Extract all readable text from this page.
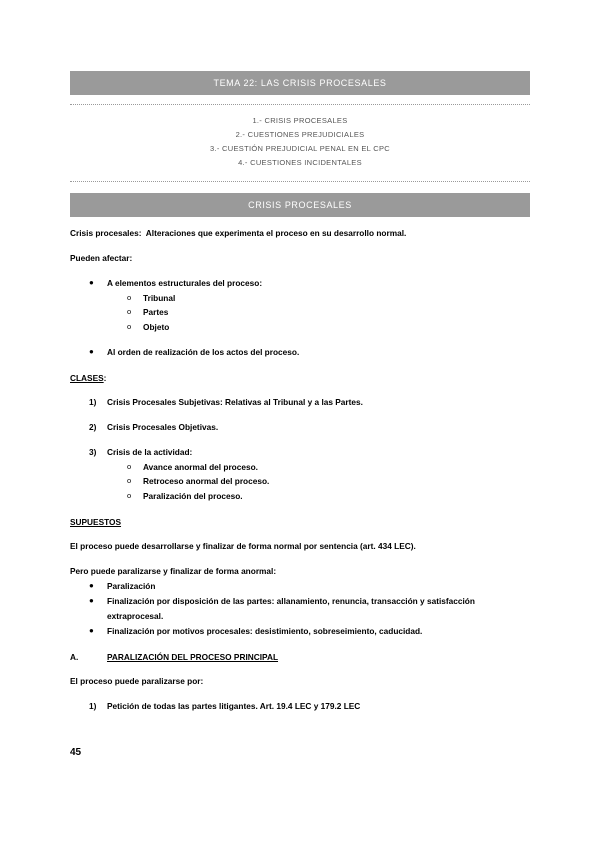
TEMA 22: LAS CRISIS PROCESALES
1.- CRISIS PROCESALES
2.- CUESTIONES PREJUDICIALES
3.- CUESTIÓN PREJUDICIAL PENAL EN EL CPC
4.- CUESTIONES INCIDENTALES
CRISIS PROCESALES
Crisis procesales: Alteraciones que experimenta el proceso en su desarrollo normal.
Pueden afectar:
● A elementos estructurales del proceso:
o Tribunal
o Partes
o Objeto
● Al orden de realización de los actos del proceso.
CLASES:
1) Crisis Procesales Subjetivas: Relativas al Tribunal y a las Partes.
2) Crisis Procesales Objetivas.
3) Crisis de la actividad:
o Avance anormal del proceso.
o Retroceso anormal del proceso.
o Paralización del proceso.
SUPUESTOS
El proceso puede desarrollarse y finalizar de forma normal por sentencia (art. 434 LEC).
Pero puede paralizarse y finalizar de forma anormal:
● Paralización
● Finalización por disposición de las partes: allanamiento, renuncia, transacción y satisfacción
extraprocesal.
● Finalización por motivos procesales: desistimiento, sobreseimiento, caducidad.
A.	PARALIZACIÓN DEL PROCESO PRINCIPAL
El proceso puede paralizarse por:
1) Petición de todas las partes litigantes. Art. 19.4 LEC y 179.2 LEC
45
